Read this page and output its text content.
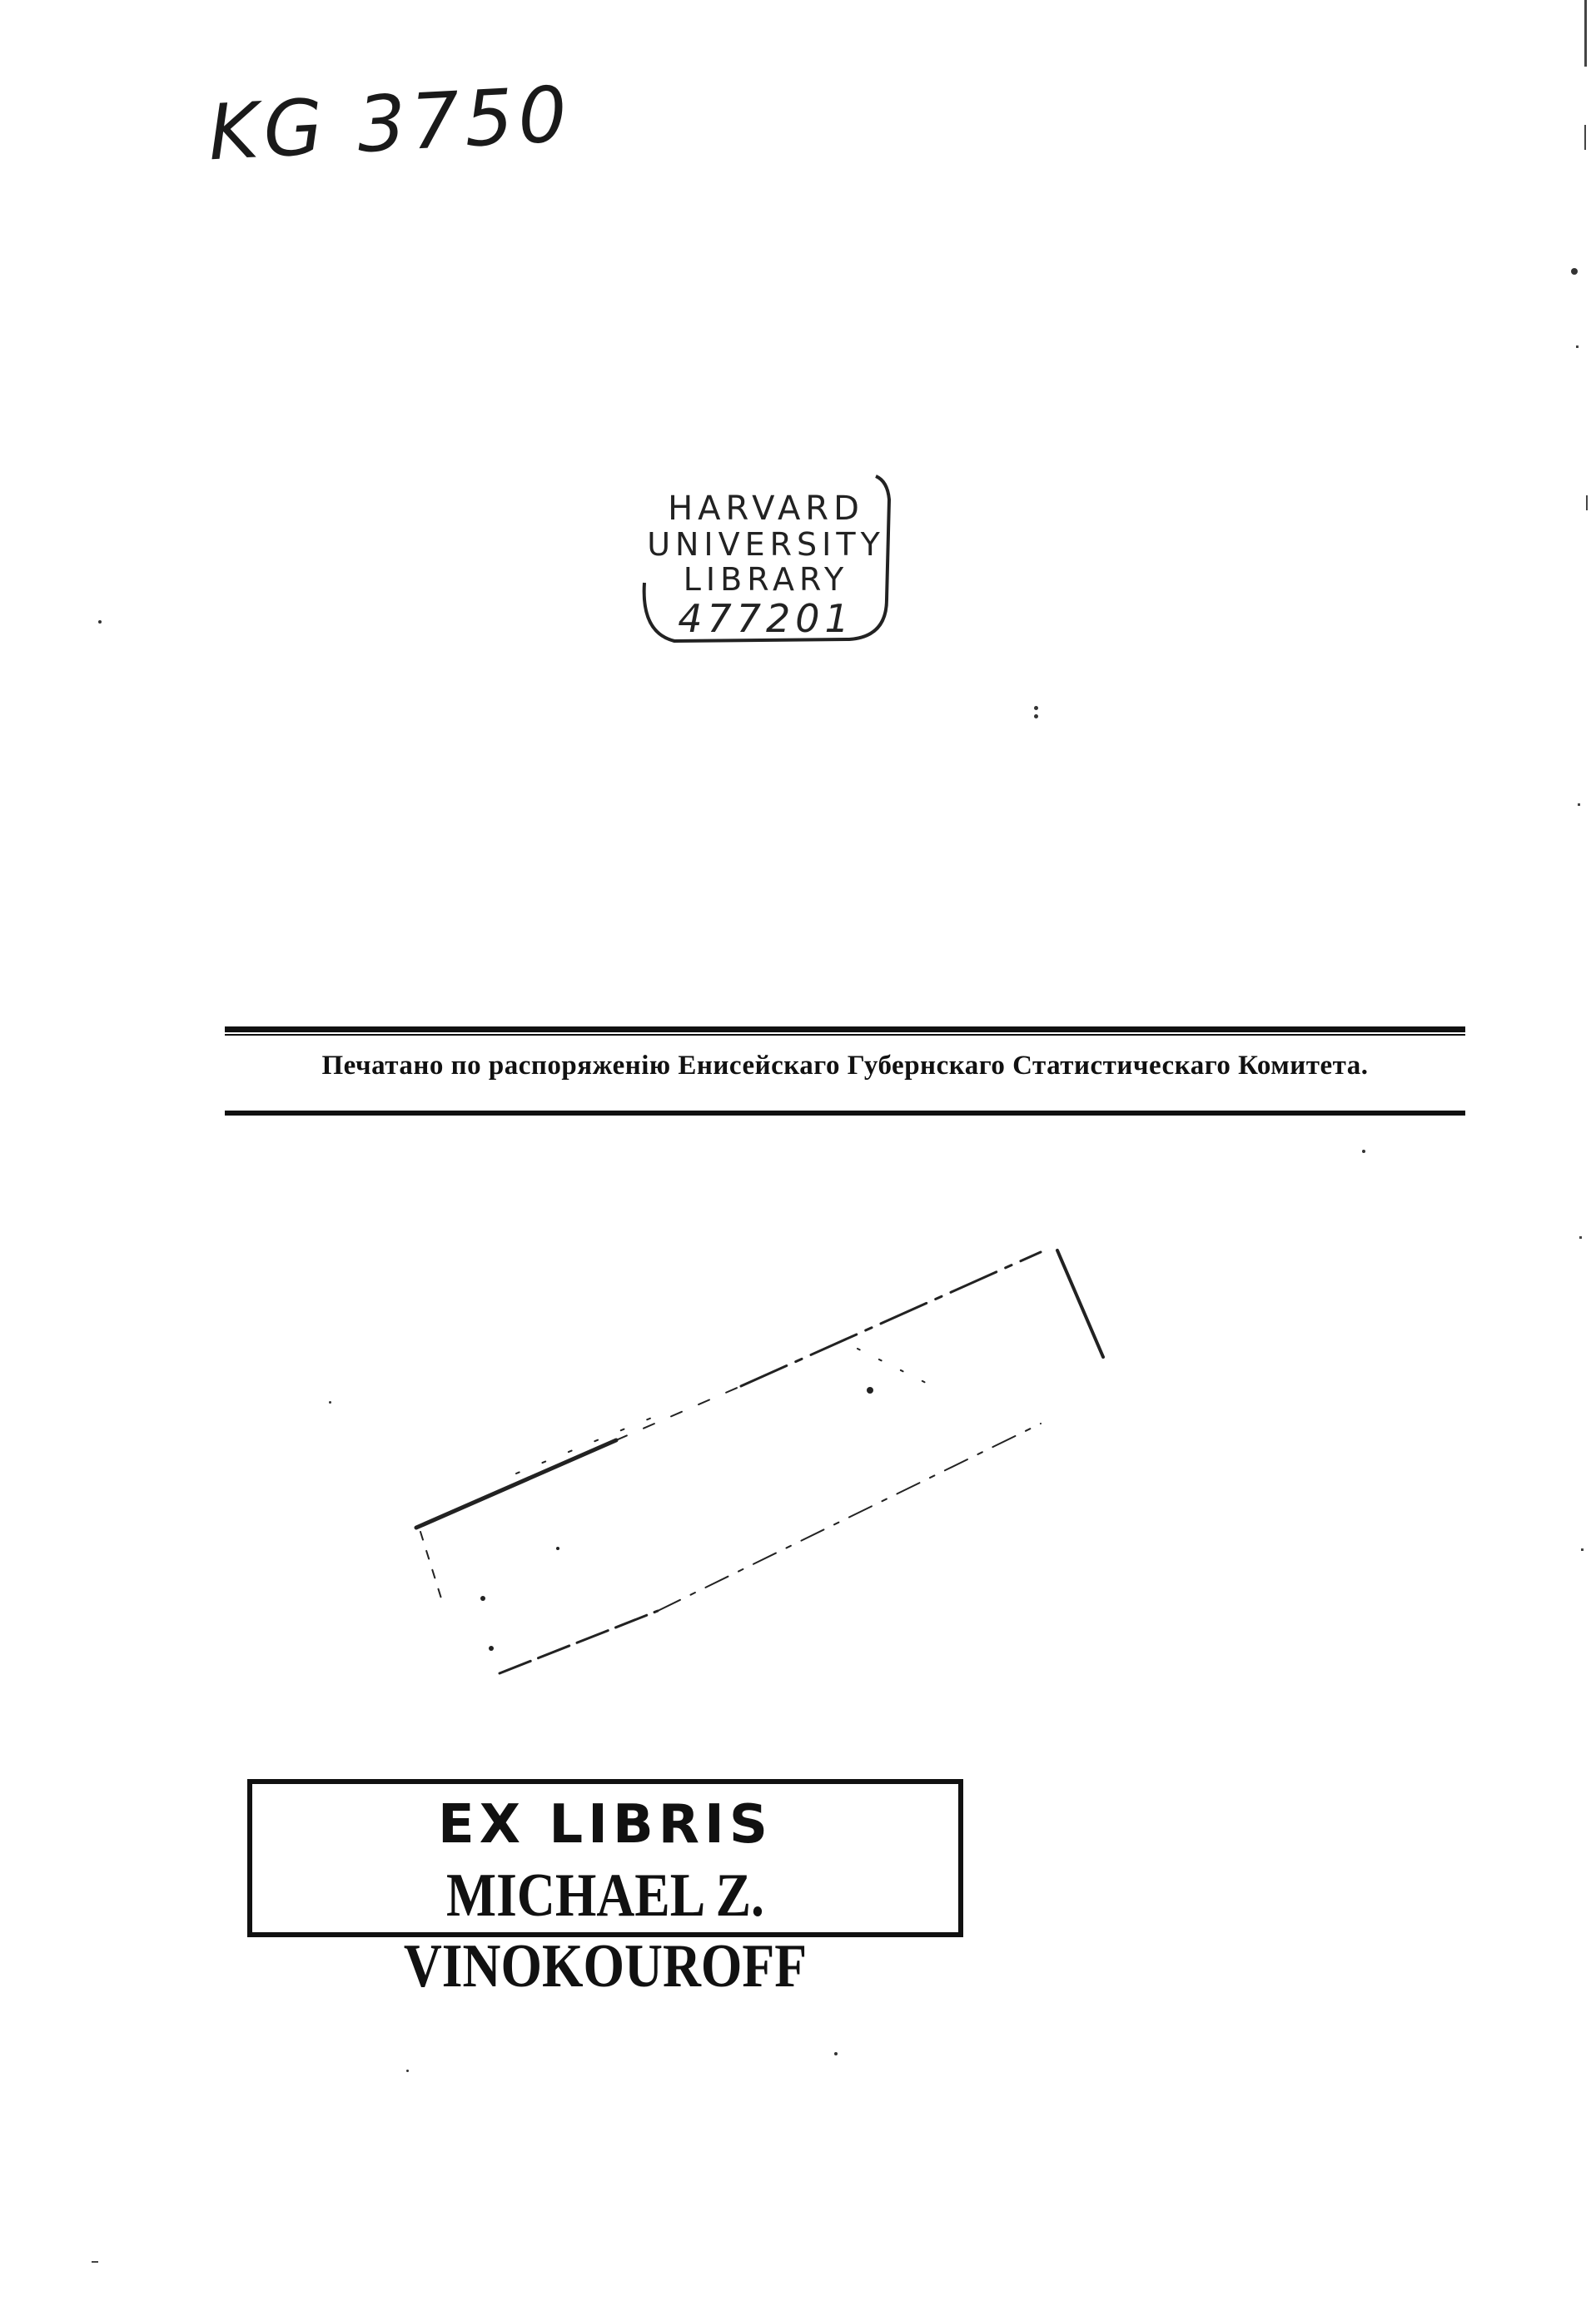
KG 3750
HARVARD
UNIVERSITY
LIBRARY
477201
Печатано по распоряженію Енисейскаго Губернскаго Статистическаго Комитета.
EX LIBRIS
MICHAEL Z. VINOKOUROFF
